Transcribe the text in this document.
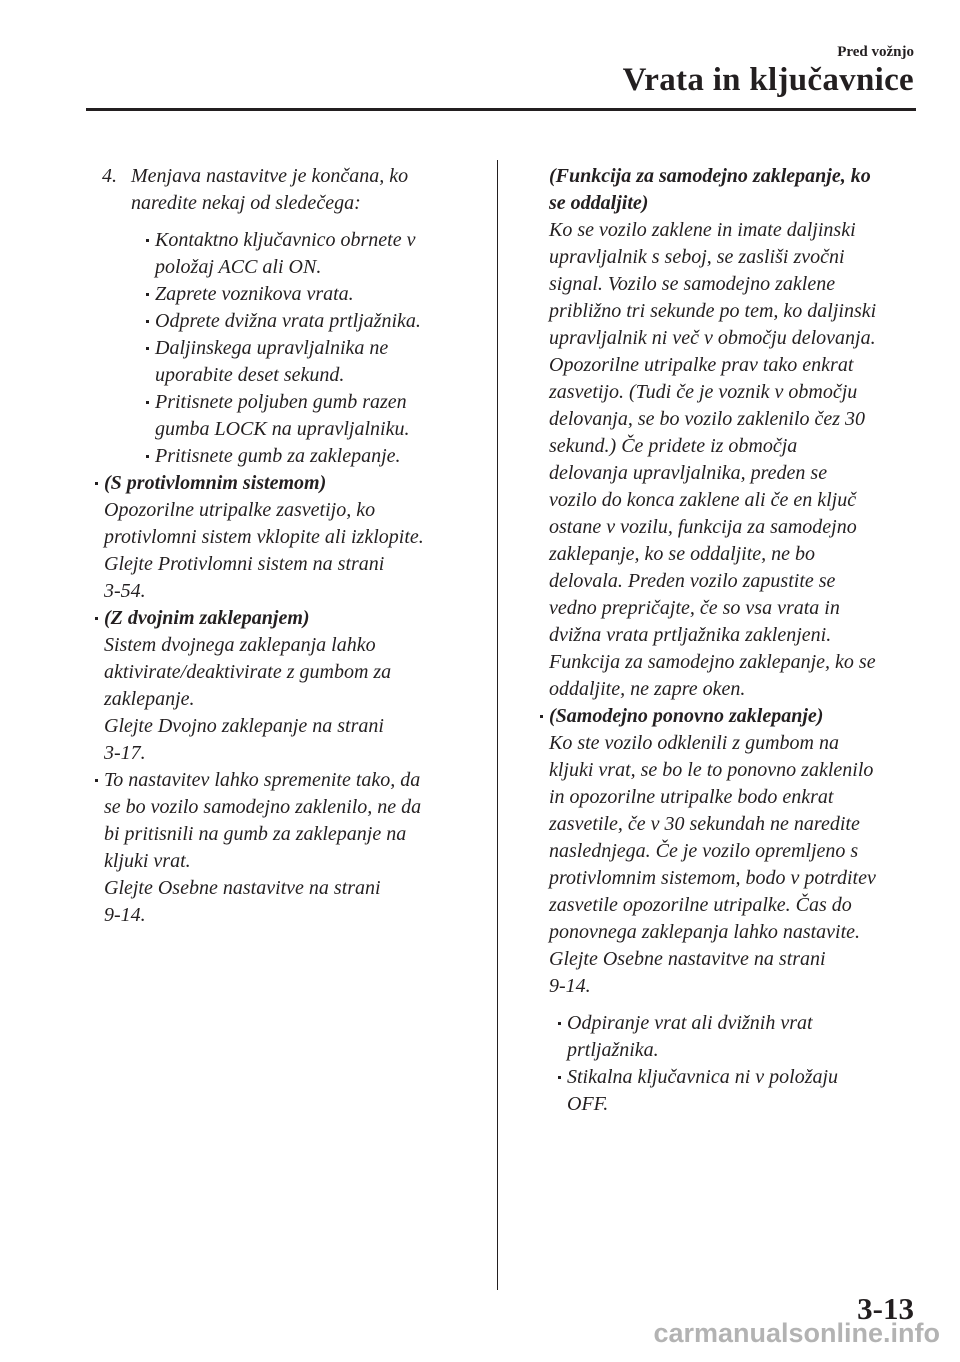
Pred vožnjo
Vrata in ključavnice
4. Menjava nastavitve je končana, ko
naredite nekaj od sledečega:
Kontaktno ključavnico obrnete v
položaj ACC ali ON.
Zaprete voznikova vrata.
Odprete dvižna vrata prtljažnika.
Daljinskega upravljalnika ne
uporabite deset sekund.
Pritisnete poljuben gumb razen
gumba LOCK na upravljalniku.
Pritisnete gumb za zaklepanje.
(S protivlomnim sistemom)
Opozorilne utripalke zasvetijo, ko
protivlomni sistem vklopite ali izklopite.
Glejte Protivlomni sistem na strani
3-54.
(Z dvojnim zaklepanjem)
Sistem dvojnega zaklepanja lahko
aktivirate/deaktivirate z gumbom za
zaklepanje.
Glejte Dvojno zaklepanje na strani
3-17.
To nastavitev lahko spremenite tako, da
se bo vozilo samodejno zaklenilo, ne da
bi pritisnili na gumb za zaklepanje na
kljuki vrat.
Glejte Osebne nastavitve na strani
9-14.
(Funkcija za samodejno zaklepanje, ko
se oddaljite)
Ko se vozilo zaklene in imate daljinski
upravljalnik s seboj, se zasliši zvočni
signal. Vozilo se samodejno zaklene
približno tri sekunde po tem, ko daljinski
upravljalnik ni več v območju delovanja.
Opozorilne utripalke prav tako enkrat
zasvetijo. (Tudi če je voznik v območju
delovanja, se bo vozilo zaklenilo čez 30
sekund.) Če pridete iz območja
delovanja upravljalnika, preden se
vozilo do konca zaklene ali če en ključ
ostane v vozilu, funkcija za samodejno
zaklepanje, ko se oddaljite, ne bo
delovala. Preden vozilo zapustite se
vedno prepričajte, če so vsa vrata in
dvižna vrata prtljažnika zaklenjeni.
Funkcija za samodejno zaklepanje, ko se
oddaljite, ne zapre oken.
(Samodejno ponovno zaklepanje)
Ko ste vozilo odklenili z gumbom na
kljuki vrat, se bo le to ponovno zaklenilo
in opozorilne utripalke bodo enkrat
zasvetile, če v 30 sekundah ne naredite
naslednjega. Če je vozilo opremljeno s
protivlomnim sistemom, bodo v potrditev
zasvetile opozorilne utripalke. Čas do
ponovnega zaklepanja lahko nastavite.
Glejte Osebne nastavitve na strani
9-14.
Odpiranje vrat ali dvižnih vrat
prtljažnika.
Stikalna ključavnica ni v položaju
OFF.
3-13
carmanualsonline.info
